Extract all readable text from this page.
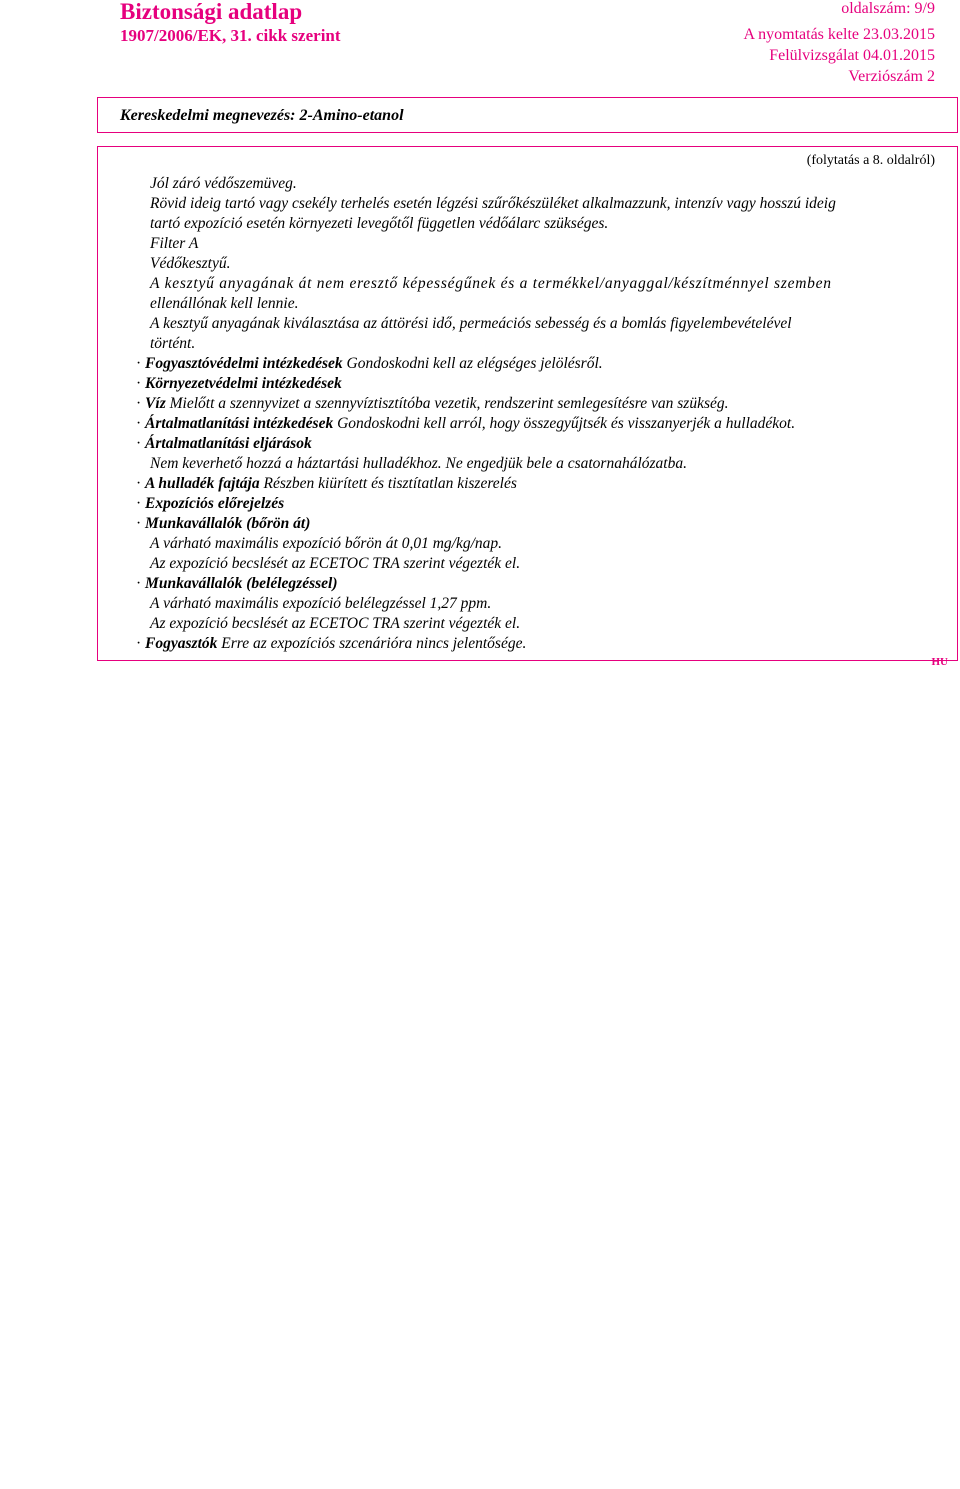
Biztonsági adatlap
1907/2006/EK, 31. cikk szerint
oldalszám: 9/9
A nyomtatás kelte 23.03.2015
Felülvizsgálat 04.01.2015
Verziószám 2
Kereskedelmi megnevezés: 2-Amino-etanol
(folytatás a 8. oldalról)

Jól záró védőszemüveg.

Rövid ideig tartó vagy csekély terhelés esetén légzési szűrőkészüléket alkalmazzunk, intenzív vagy hosszú ideig

tartó expozíció esetén környezeti levegőtől független védőálarc szükséges.

Filter A

Védőkesztyű.

A kesztyű anyagának át nem eresztő képességűnek és a termékkel/anyaggal/készítménnyel szemben

ellenállónak kell lennie.

A kesztyű anyagának kiválasztása az áttörési idő, permeációs sebesség és a bomlás figyelembevételével

történt.

· Fogyasztóvédelmi intézkedések Gondoskodni kell az elégséges jelölésről.

· Környezetvédelmi intézkedések

· Víz Mielőtt a szennyvizet a szennyvíztisztítóba vezetik, rendszerint semlegesítésre van szükség.

· Ártalmatlanítási intézkedések Gondoskodni kell arról, hogy összegyűjtsék és visszanyerjék a hulladékot.

· Ártalmatlanítási eljárások

Nem keverhető hozzá a háztartási hulladékhoz. Ne engedjük bele a csatornahálózatba.

· A hulladék fajtája Részben kiürített és tisztítatlan kiszerelés

· Expozíciós előrejelzés

· Munkavállalók (bőrön át)

A várható maximális expozíció bőrön át 0,01 mg/kg/nap.

Az expozíció becslését az ECETOC TRA szerint végezték el.

· Munkavállalók (belélegzéssel)

A várható maximális expozíció belélegzéssel 1,27 ppm.

Az expozíció becslését az ECETOC TRA szerint végezték el.

· Fogyasztók Erre az expozíciós szcenárióra nincs jelentősége.

HU
